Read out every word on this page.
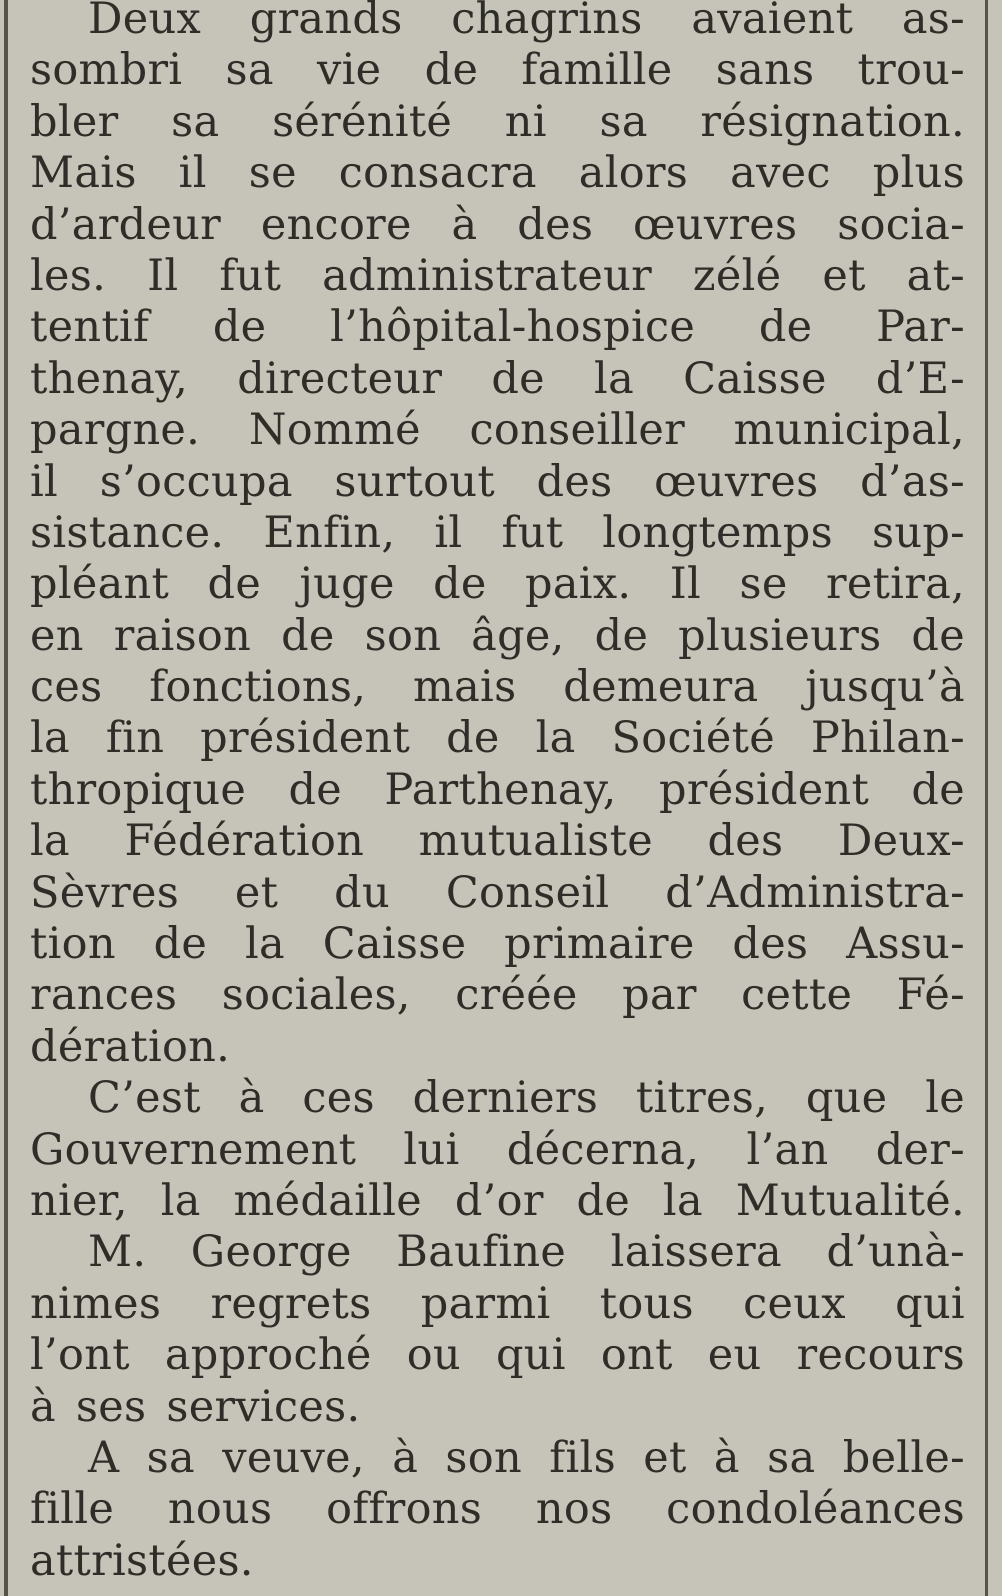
Deux grands chagrins avaient as-
sombri sa vie de famille sans trou-
bler sa sérénité ni sa résignation.
Mais il se consacra alors avec plus
d’ardeur encore à des œuvres socia-
les. Il fut administrateur zélé et at-
tentif de l’hôpital-hospice de Par-
thenay, directeur de la Caisse d’E-
pargne. Nommé conseiller municipal,
il s’occupa surtout des œuvres d’as-
sistance. Enfin, il fut longtemps sup-
pléant de juge de paix. Il se retira,
en raison de son âge, de plusieurs de
ces fonctions, mais demeura jusqu’à
la fin président de la Société Philan-
thropique de Parthenay, président de
la Fédération mutualiste des Deux-
Sèvres et du Conseil d’Administra-
tion de la Caisse primaire des Assu-
rances sociales, créée par cette Fé-
dération.

C’est à ces derniers titres, que le
Gouvernement lui décerna, l’an der-
nier, la médaille d’or de la Mutualité.

M. George Baufine laissera d’unà-
nimes regrets parmi tous ceux qui
l’ont approché ou qui ont eu recours
à ses services.

A sa veuve, à son fils et à sa belle-
fille nous offrons nos condoléances
attristées.
